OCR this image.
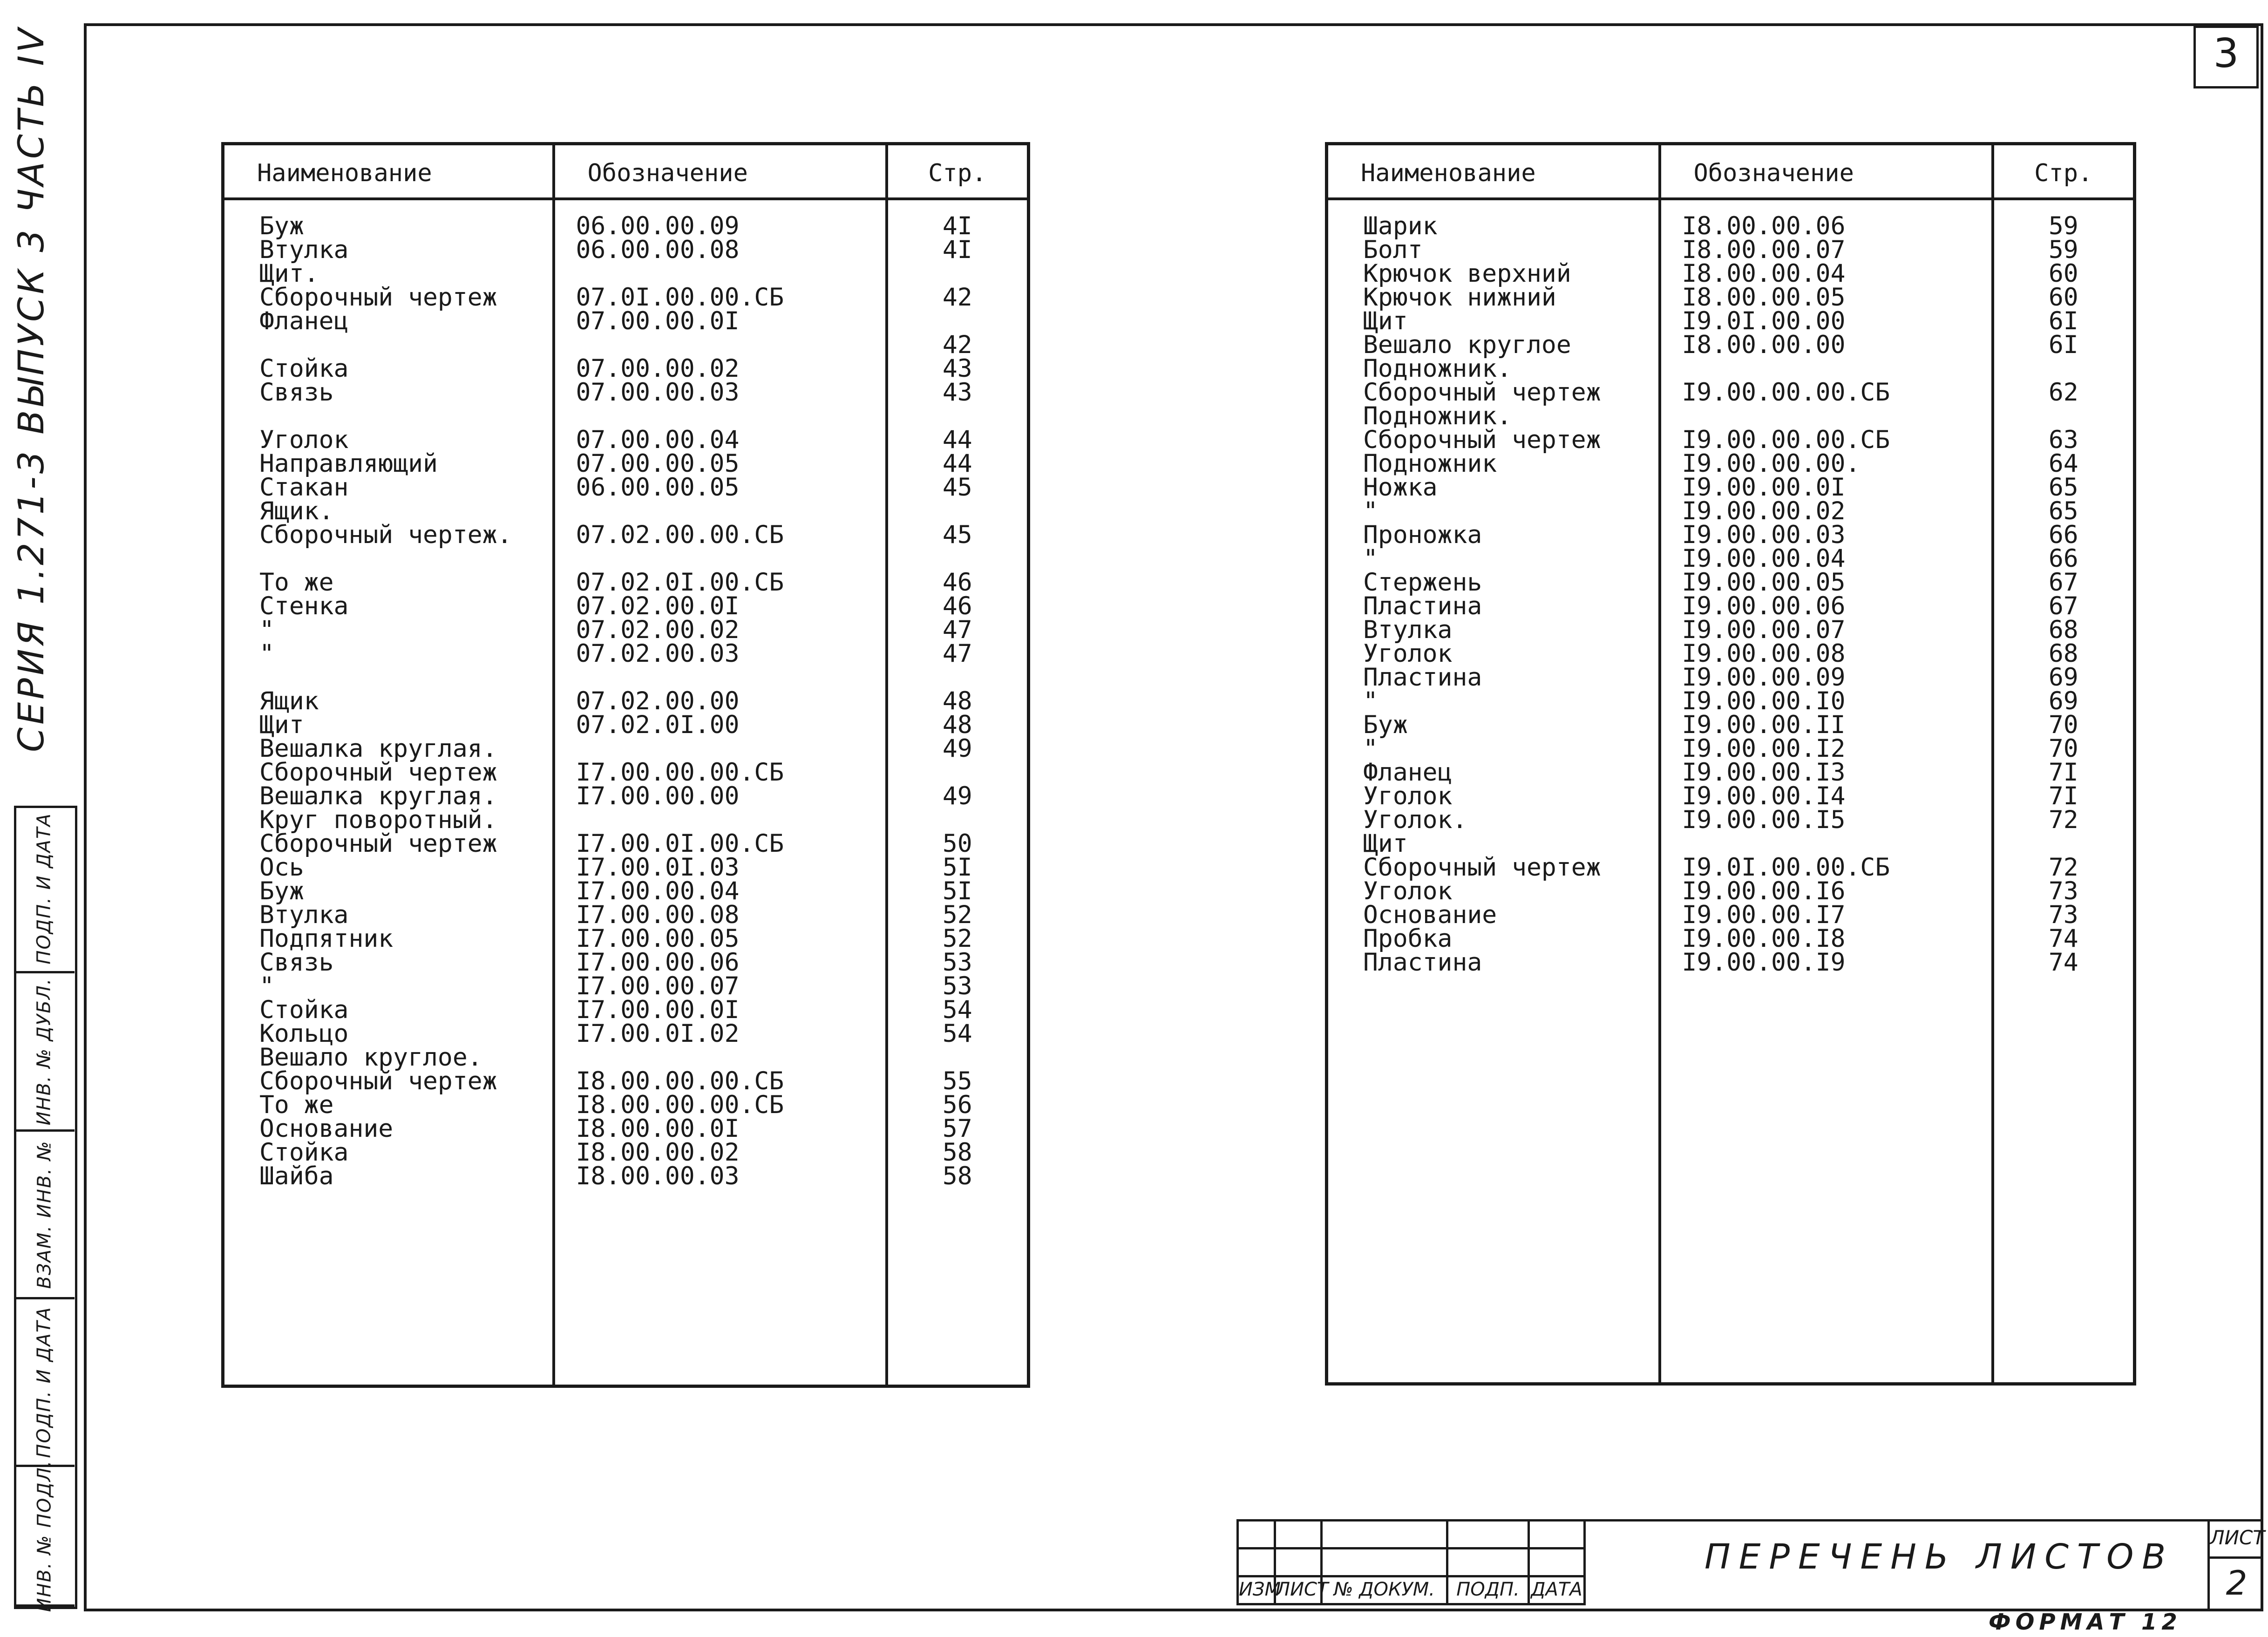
3
СЕРИЯ 1.271-3 ВЫПУСК 3 ЧАСТЬ IV
ИНВ. № ПОДЛ.
ПОДП. И ДАТА
ВЗАМ. ИНВ. №
ИНВ. № ДУБЛ.
ПОДП. И ДАТА
Наименование	Обозначение	Стр.
Буж	06.00.00.09	4I
Втулка	06.00.00.08	4I
Щит.		
Сборочный чертеж	07.0I.00.00.СБ	42
Фланец	07.00.00.0I	
		42
Стойка	07.00.00.02	43
Связь	07.00.00.03	43

Уголок	07.00.00.04	44
Направляющий	07.00.00.05	44
Стакан	06.00.00.05	45
Ящик.		
Сборочный чертеж.	07.02.00.00.СБ	45

То же	07.02.0I.00.СБ	46
Стенка	07.02.00.0I	46
"	07.02.00.02	47
"	07.02.00.03	47

Ящик	07.02.00.00	48
Щит	07.02.0I.00	48
Вешалка круглая.		49
Сборочный чертеж	I7.00.00.00.СБ	
Вешалка круглая.	I7.00.00.00	49
Круг поворотный.		
Сборочный чертеж	I7.00.0I.00.СБ	50
Ось	I7.00.0I.03	5I
Буж	I7.00.00.04	5I
Втулка	I7.00.00.08	52
Подпятник	I7.00.00.05	52
Связь	I7.00.00.06	53
"	I7.00.00.07	53
Стойка	I7.00.00.0I	54
Кольцо	I7.00.0I.02	54
Вешало круглое.		
Сборочный чертеж	I8.00.00.00.СБ	55
То же	I8.00.00.00.СБ	56
Основание	I8.00.00.0I	57
Стойка	I8.00.00.02	58
Шайба	I8.00.00.03	58

Наименование	Обозначение	Стр.
Шарик	I8.00.00.06	59
Болт	I8.00.00.07	59
Крючок верхний	I8.00.00.04	60
Крючок нижний	I8.00.00.05	60
Щит	I9.0I.00.00	6I
Вешало круглое	I8.00.00.00	6I
Подножник.		
Сборочный чертеж	I9.00.00.00.СБ	62
Подножник.		
Сборочный чертеж	I9.00.00.00.СБ	63
Подножник	I9.00.00.00.	64
Ножка	I9.00.00.0I	65
"	I9.00.00.02	65
Проножка	I9.00.00.03	66
"	I9.00.00.04	66
Стержень	I9.00.00.05	67
Пластина	I9.00.00.06	67
Втулка	I9.00.00.07	68
Уголок	I9.00.00.08	68
Пластина	I9.00.00.09	69
"	I9.00.00.I0	69
Буж	I9.00.00.II	70
"	I9.00.00.I2	70
Фланец	I9.00.00.I3	7I
Уголок	I9.00.00.I4	7I
Уголок.	I9.00.00.I5	72
Щит		
Сборочный чертеж	I9.0I.00.00.СБ	72
Уголок	I9.00.00.I6	73
Основание	I9.00.00.I7	73
Пробка	I9.00.00.I8	74
Пластина	I9.00.00.I9	74

ИЗМ
ЛИСТ № ДОКУМ.	ПОДП. ДАТА
ПЕРЕЧЕНЬ ЛИСТОВ ЛИСТ
2
ФОРМАТ 12
